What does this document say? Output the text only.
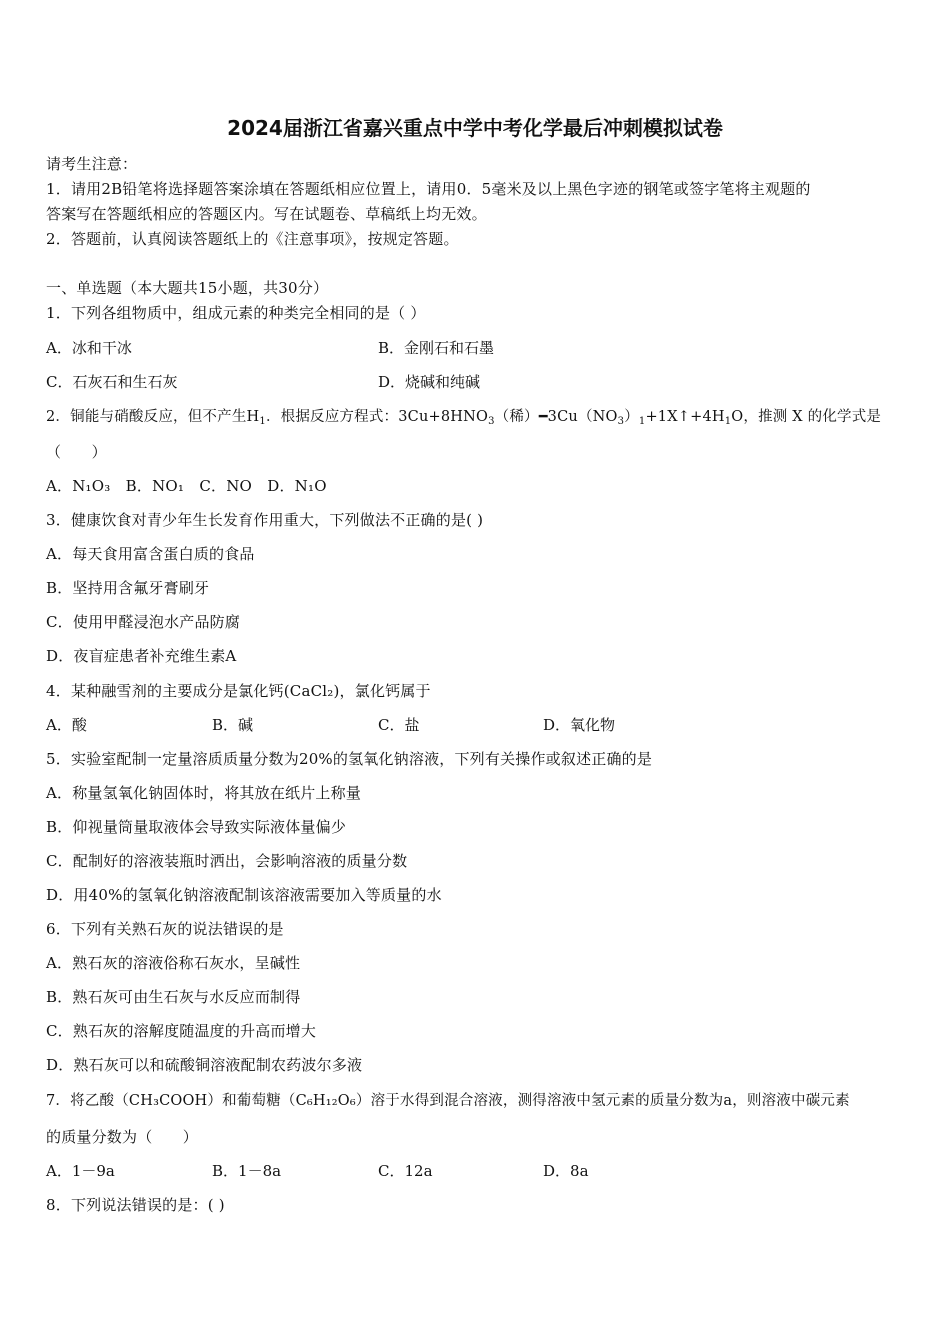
2024届浙江省嘉兴重点中学中考化学最后冲刺模拟试卷
请考生注意：
1．请用2B铅笔将选择题答案涂填在答题纸相应位置上，请用0．5毫米及以上黑色字迹的钢笔或签字笔将主观题的
答案写在答题纸相应的答题区内。写在试题卷、草稿纸上均无效。
2．答题前，认真阅读答题纸上的《注意事项》，按规定答题。
一、单选题（本大题共15小题，共30分）
1．下列各组物质中，组成元素的种类完全相同的是（ ）
A．冰和干冰	B．金刚石和石墨
C．石灰石和生石灰	D．烧碱和纯碱
2．铜能与硝酸反应，但不产生$H_1$．根据反应方程式：$3Cu+8HNO_3$（稀）$━3Cu(NO_3)_1+1X↑+4H_1O$，推测 X 的化学式是
（　　）
A．N₁O₃　B．NO₁　C．NO　D．N₁O
3．健康饮食对青少年生长发育作用重大，下列做法不正确的是( )
A．每天食用富含蛋白质的食品
B．坚持用含氟牙膏刷牙
C．使用甲醛浸泡水产品防腐
D．夜盲症患者补充维生素A
4．某种融雪剂的主要成分是氯化钙(CaCl₂)，氯化钙属于
A．酸	B．碱	C．盐	D．氧化物
5．实验室配制一定量溶质质量分数为20%的氢氧化钠溶液，下列有关操作或叙述正确的是
A．称量氢氧化钠固体时，将其放在纸片上称量
B．仰视量筒量取液体会导致实际液体量偏少
C．配制好的溶液装瓶时洒出，会影响溶液的质量分数
D．用40%的氢氧化钠溶液配制该溶液需要加入等质量的水
6．下列有关熟石灰的说法错误的是
A．熟石灰的溶液俗称石灰水，呈碱性
B．熟石灰可由生石灰与水反应而制得
C．熟石灰的溶解度随温度的升高而增大
D．熟石灰可以和硫酸铜溶液配制农药波尔多液
7．将乙酸（CH₃COOH）和葡萄糖（C₆H₁₂O₆）溶于水得到混合溶液，测得溶液中氢元素的质量分数为a，则溶液中碳元素
的质量分数为（　　）
A．1－9a	B．1－8a	C．12a	D．8a
8．下列说法错误的是：( )
